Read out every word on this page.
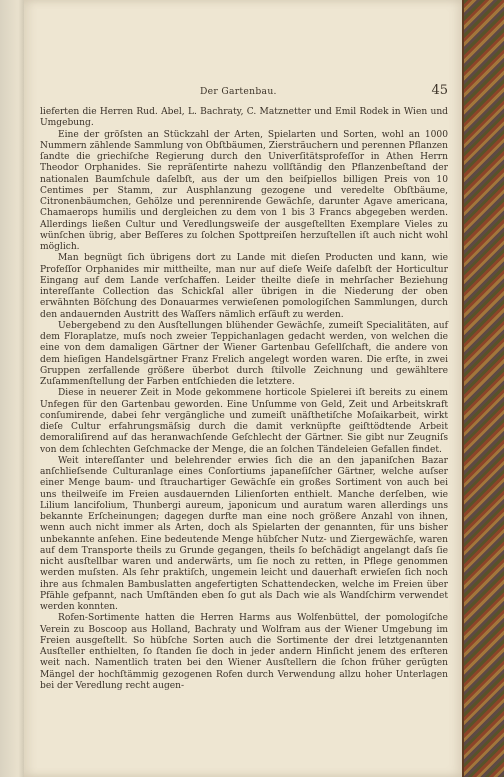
Der Gartenbau.	45

lieferten die Herren Rud. Abel, L. Bachraty, C. Matznetter und Emil Rodek in Wien und Umgebung.

Eine der gröſsten an Stückzahl der Arten, Spielarten und Sorten, wohl an 1000 Nummern zählende Sammlung von Obſtbäumen, Ziersträuchern und perennen Pflanzen ſandte die griechiſche Regierung durch den Univerſitätsprofeſſor in Athen Herrn Theodor Orphanides. Sie repräſentirte nahezu vollſtändig den Pflanzenbeſtand der nationalen Baumſchule daſelbſt, aus der um den beiſpiellos billigen Preis von 10 Centimes per Stamm, zur Ausphlanzung gezogene und veredelte Obſtbäume, Citronenbäumchen, Gehölze und perennirende Gewächſe, darunter Agave americana, Chamaerops humilis und dergleichen zu dem von 1 bis 3 Francs abgegeben werden. Allerdings ließen Cultur und Veredlungsweiſe der ausgeſtellten Exemplare Vieles zu wünſchen übrig, aber Beſſeres zu ſolchen Spottpreiſen herzuſtellen iſt auch nicht wohl möglich.

Man begnügt ſich übrigens dort zu Lande mit dieſen Producten und kann, wie Profeſſor Orphanides mir mittheilte, man nur auf dieſe Weiſe daſelbſt der Horticultur Eingang auf dem Lande verſchaffen. Leider theilte dieſe in mehrſacher Beziehung intereſſante Collection das Schickſal aller übrigen in die Niederung der oben erwähnten Böſchung des Donauarmes verwieſenen pomologiſchen Sammlungen, durch den andauernden Austritt des Waſſers nämlich erſäuft zu werden.

Uebergebend zu den Ausſtellungen blühender Gewächſe, zumeiſt Specialitäten, auf dem Floraplatze, muſs noch zweier Teppichanlagen gedacht werden, von welchen die eine von dem damaligen Gärtner der Wiener Gartenbau Geſellſchaft, die andere von dem hieſigen Handelsgärtner Franz Frelich angelegt worden waren. Die erſte, in zwei Gruppen zerfallende größere überbot durch ſtilvolle Zeichnung und gewähltere Zuſammenſtellung der Farben entſchieden die letztere.

Diese in neuerer Zeit in Mode gekommene horticole Spielerei iſt bereits zu einem Unfegen für den Gartenbau geworden. Eine Unſumme von Geld, Zeit und Arbeitskraft conſumirende, dabei ſehr vergängliche und zumeiſt unäſthetiſche Moſaikarbeit, wirkt dieſe Cultur erfahrungsmäſsig durch die damit verknüpfte geiſttödtende Arbeit demoraliſirend auf das heranwachſende Geſchlecht der Gärtner. Sie gibt nur Zeugniſs von dem ſchlechten Geſchmacke der Menge, die an ſolchen Tändeleien Gefallen findet.

Weit intereſſanter und belehrender erwies ſich die an den japaniſchen Bazar anſchlieſsende Culturanlage eines Conſortiums japaneſiſcher Gärtner, welche auſser einer Menge baum- und ſtrauchartiger Gewächſe ein großes Sortiment von auch bei uns theilweiſe im Freien ausdauernden Lilienſorten enthielt. Manche derſelben, wie Lilium lancifolium, Thunbergi aureum, japonicum und auratum waren allerdings uns bekannte Erſcheinungen; dagegen durfte man eine noch größere Anzahl von ihnen, wenn auch nicht immer als Arten, doch als Spielarten der genannten, für uns bisher unbekannte anſehen. Eine bedeutende Menge hübſcher Nutz- und Ziergewächſe, waren auf dem Transporte theils zu Grunde gegangen, theils ſo beſchädigt angelangt daſs ſie nicht ausſtellbar waren und anderwärts, um ſie noch zu retten, in Pflege genommen werden muſsten. Als ſehr praktiſch, ungemein leicht und dauerhaft erwieſen ſich noch ihre aus ſchmalen Bambuslatten angefertigten Schattendecken, welche im Freien über Pfähle gefpannt, nach Umſtänden eben ſo gut als Dach wie als Wandſchirm verwendet werden konnten.

Rofen-Sortimente hatten die Herren Harms aus Wolfenbüttel, der pomologiſche Verein zu Boscoop aus Holland, Bachraty und Wolfram aus der Wiener Umgebung im Freien ausgeſtellt. So hübſche Sorten auch die Sortimente der drei letztgenannten Ausſteller enthielten, ſo ſtanden ſie doch in jeder andern Hinſicht jenem des erſteren weit nach. Namentlich traten bei den Wiener Ausſtellern die ſchon früher gerügten Mängel der hochſtämmig gezogenen Rofen durch Verwendung allzu hoher Unterlagen bei der Veredlung recht augen-
